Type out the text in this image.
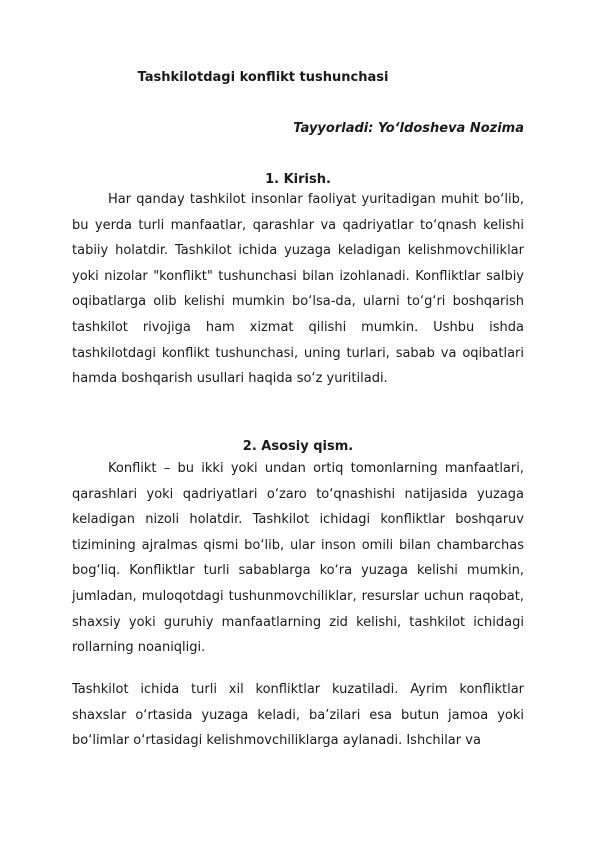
Tashkilotdagi konflikt tushunchasi
Tayyorladi: Yo‘ldosheva Nozima
1. Kirish.

Har qanday tashkilot insonlar faoliyat yuritadigan muhit bo‘lib, bu yerda turli manfaatlar, qarashlar va qadriyatlar to‘qnash kelishi tabiiy holatdir. Tashkilot ichida yuzaga keladigan kelishmovchiliklar yoki nizolar "konflikt" tushunchasi bilan izohlanadi. Konfliktlar salbiy oqibatlarga olib kelishi mumkin bo‘lsa-da, ularni to‘g‘ri boshqarish tashkilot rivojiga ham xizmat qilishi mumkin. Ushbu ishda tashkilotdagi konflikt tushunchasi, uning turlari, sabab va oqibatlari hamda boshqarish usullari haqida so‘z yuritiladi.

2. Asosiy qism.

Konflikt – bu ikki yoki undan ortiq tomonlarning manfaatlari, qarashlari yoki qadriyatlari o‘zaro to‘qnashishi natijasida yuzaga keladigan nizoli holatdir. Tashkilot ichidagi konfliktlar boshqaruv tizimining ajralmas qismi bo‘lib, ular inson omili bilan chambarchas bog‘liq. Konfliktlar turli sabablarga ko‘ra yuzaga kelishi mumkin, jumladan, muloqotdagi tushunmovchiliklar, resurslar uchun raqobat, shaxsiy yoki guruhiy manfaatlarning zid kelishi, tashkilot ichidagi rollarning noaniqligi.

Tashkilot ichida turli xil konfliktlar kuzatiladi. Ayrim konfliktlar shaxslar o‘rtasida yuzaga keladi, ba’zilari esa butun jamoa yoki bo‘limlar o‘rtasidagi kelishmovchiliklarga aylanadi. Ishchilar va
